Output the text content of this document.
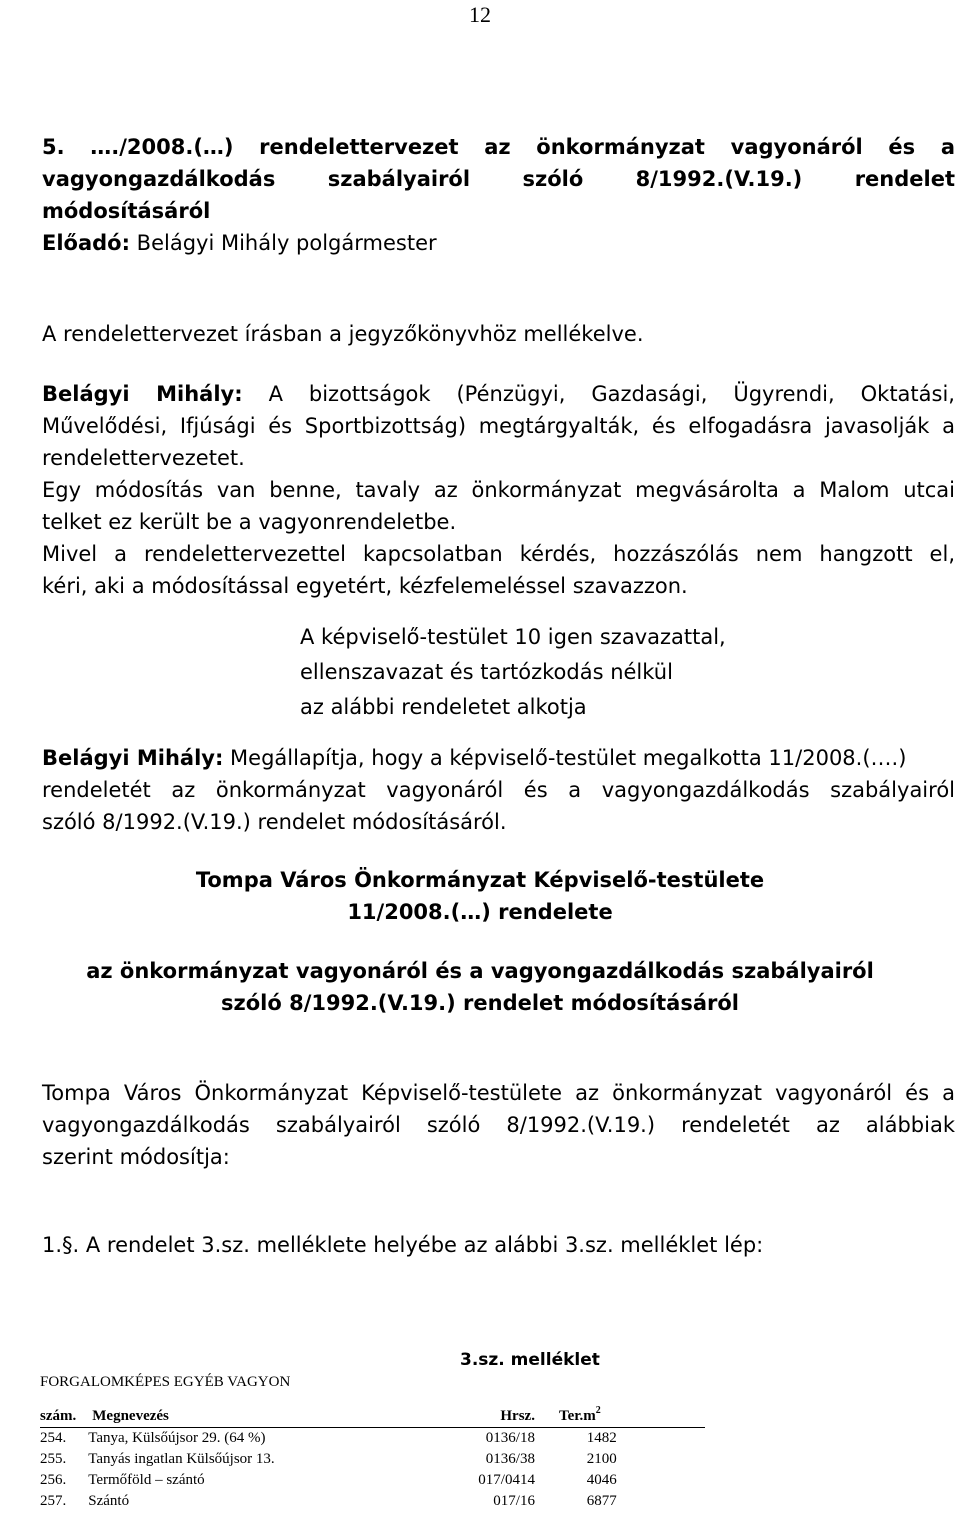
12
5. …./2008.(…) rendelettervezet az önkormányzat vagyonáról és a
vagyongazdálkodás szabályairól szóló 8/1992.(V.19.) rendelet
módosításáról
Előadó: Belágyi Mihály polgármester
A rendelettervezet írásban a jegyzőkönyvhöz mellékelve.
Belágyi Mihály: A bizottságok (Pénzügyi, Gazdasági, Ügyrendi, Oktatási,
Művelődési, Ifjúsági és Sportbizottság) megtárgyalták, és elfogadásra javasolják a
rendelettervezetet.
Egy módosítás van benne, tavaly az önkormányzat megvásárolta a Malom utcai
telket ez került be a vagyonrendeletbe.
Mivel a rendelettervezettel kapcsolatban kérdés, hozzászólás nem hangzott el,
kéri, aki a módosítással egyetért, kézfelemeléssel szavazzon.
A képviselő-testület 10 igen szavazattal,
ellenszavazat és tartózkodás nélkül
az alábbi rendeletet alkotja
Belágyi Mihály: Megállapítja, hogy a képviselő-testület megalkotta 11/2008.(….)
rendeletét az önkormányzat vagyonáról és a vagyongazdálkodás szabályairól
szóló 8/1992.(V.19.) rendelet módosításáról.
Tompa Város Önkormányzat Képviselő-testülete
11/2008.(…) rendelete
az önkormányzat vagyonáról és a vagyongazdálkodás szabályairól
szóló 8/1992.(V.19.) rendelet módosításáról
Tompa Város Önkormányzat Képviselő-testülete az önkormányzat vagyonáról és a
vagyongazdálkodás szabályairól szóló 8/1992.(V.19.) rendeletét az alábbiak
szerint módosítja:
1.§. A rendelet 3.sz. melléklete helyébe az alábbi 3.sz. melléklet lép:
3.sz. melléklet
FORGALOMKÉPES EGYÉB VAGYON
szám.	Megnevezés	Hrsz.	$Ter.m^2$	
254.	Tanya, Külsőújsor 29. (64 %)	0136/18	1482	
255.	Tanyás ingatlan Külsőújsor 13.	0136/38	2100	
256.	Termőföld – szántó	017/0414	4046	
257.	Szántó	017/16	6877	
